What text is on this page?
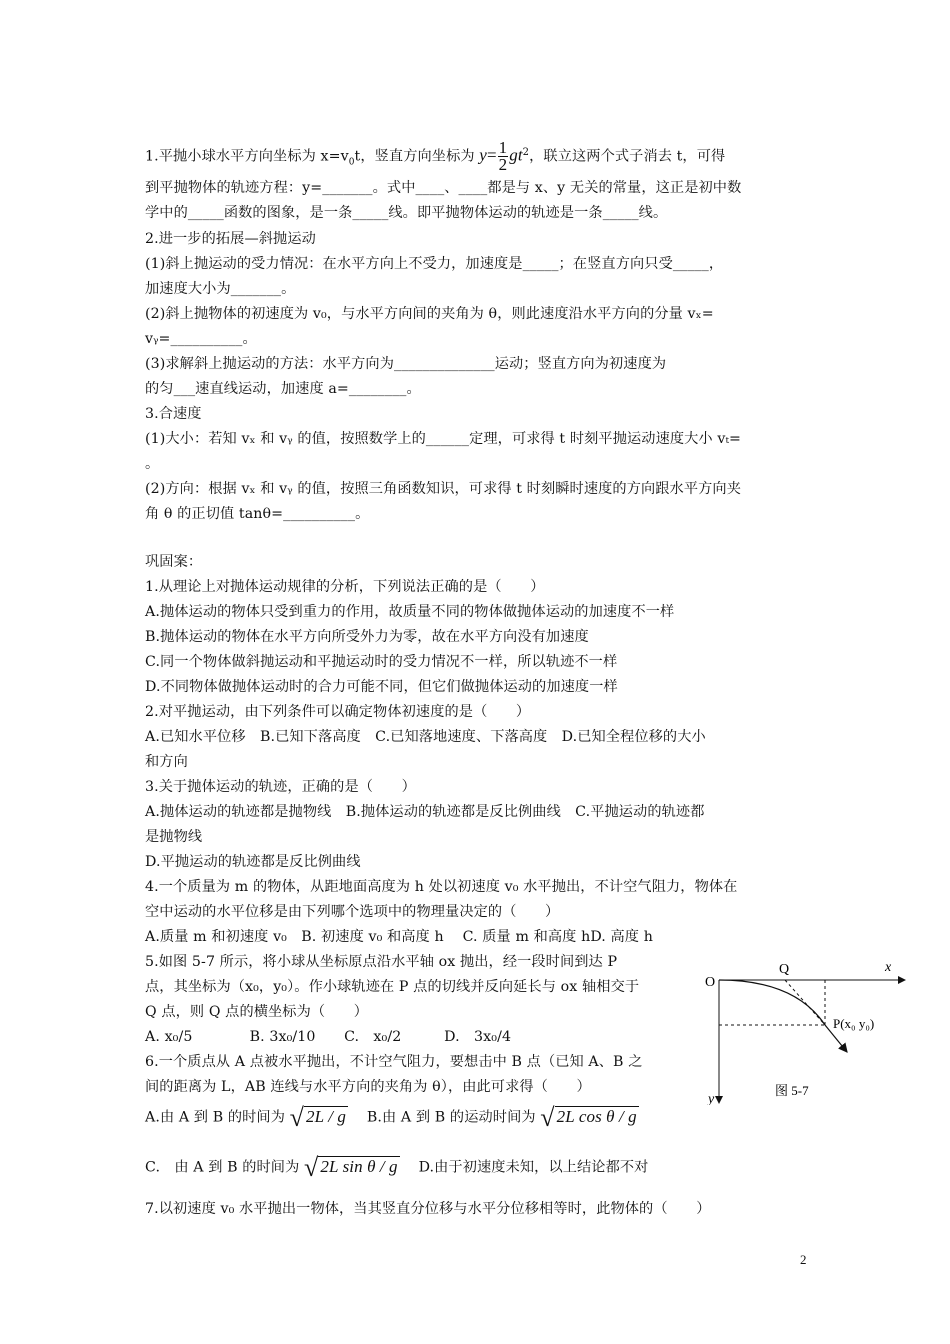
1.平抛小球水平方向坐标为 $x=v_0t$，竖直方向坐标为 $y= \frac{1}{2} gt^2$，联立这两个式子消去 t，可得
到平抛物体的轨迹方程：y=_______。式中____、____都是与 x、y 无关的常量，这正是初中数
学中的_____函数的图象，是一条_____线。即平抛物体运动的轨迹是一条_____线。
2.进一步的拓展—斜抛运动
(1)斜上抛运动的受力情况：在水平方向上不受力，加速度是_____；在竖直方向只受_____，
加速度大小为_______。
(2)斜上抛物体的初速度为 v₀，与水平方向间的夹角为 θ，则此速度沿水平方向的分量 vₓ=
vᵧ=__________。
(3)求解斜上抛运动的方法：水平方向为______________运动；竖直方向为初速度为
的匀___速直线运动，加速度 a=________。
3.合速度
(1)大小：若知 vₓ 和 vᵧ 的值，按照数学上的______定理，可求得 t 时刻平抛运动速度大小 vₜ=
。
(2)方向：根据 vₓ 和 vᵧ 的值，按照三角函数知识，可求得 t 时刻瞬时速度的方向跟水平方向夹
角 θ 的正切值 tanθ=__________。
巩固案：
1.从理论上对抛体运动规律的分析，下列说法正确的是（　　）
A.抛体运动的物体只受到重力的作用，故质量不同的物体做抛体运动的加速度不一样
B.抛体运动的物体在水平方向所受外力为零，故在水平方向没有加速度
C.同一个物体做斜抛运动和平抛运动时的受力情况不一样，所以轨迹不一样
D.不同物体做抛体运动时的合力可能不同，但它们做抛体运动的加速度一样
2.对平抛运动，由下列条件可以确定物体初速度的是（　　）
A.已知水平位移　B.已知下落高度　C.已知落地速度、下落高度　D.已知全程位移的大小
和方向
3.关于抛体运动的轨迹，正确的是（　　）
A.抛体运动的轨迹都是抛物线　B.抛体运动的轨迹都是反比例曲线　C.平抛运动的轨迹都
是抛物线
D.平抛运动的轨迹都是反比例曲线
4.一个质量为 m 的物体，从距地面高度为 h 处以初速度 v₀ 水平抛出，不计空气阻力，物体在
空中运动的水平位移是由下列哪个选项中的物理量决定的（　　）
A.质量 m 和初速度 v₀　B. 初速度 v₀ 和高度 h　 C. 质量 m 和高度 hD. 高度 h
5.如图 5-7 所示，将小球从坐标原点沿水平轴 ox 抛出，经一段时间到达 P
点，其坐标为（x₀，y₀）。作小球轨迹在 P 点的切线并反向延长与 ox 轴相交于
Q 点，则 Q 点的横坐标为（　　）
A. x₀/5　　　　B. 3x₀/10　　C.　x₀/2　　　D.　3x₀/4
6.一个质点从 A 点被水平抛出，不计空气阻力，要想击中 B 点（已知 A、B 之
间的距离为 L，AB 连线与水平方向的夹角为 θ），由此可求得（　　）
A.由 A 到 B 的时间为 √ 2L / g 　B.由 A 到 B 的运动时间为 √ 2L cos θ / g
C.　由 A 到 B 的时间为 √ 2L sin θ / g 　D.由于初速度未知，以上结论都不对
7.以初速度 v₀ 水平抛出一物体，当其竖直分位移与水平分位移相等时，此物体的（　　）
O
Q	x
y
P(x₀ y₀)
图 5-7
2
